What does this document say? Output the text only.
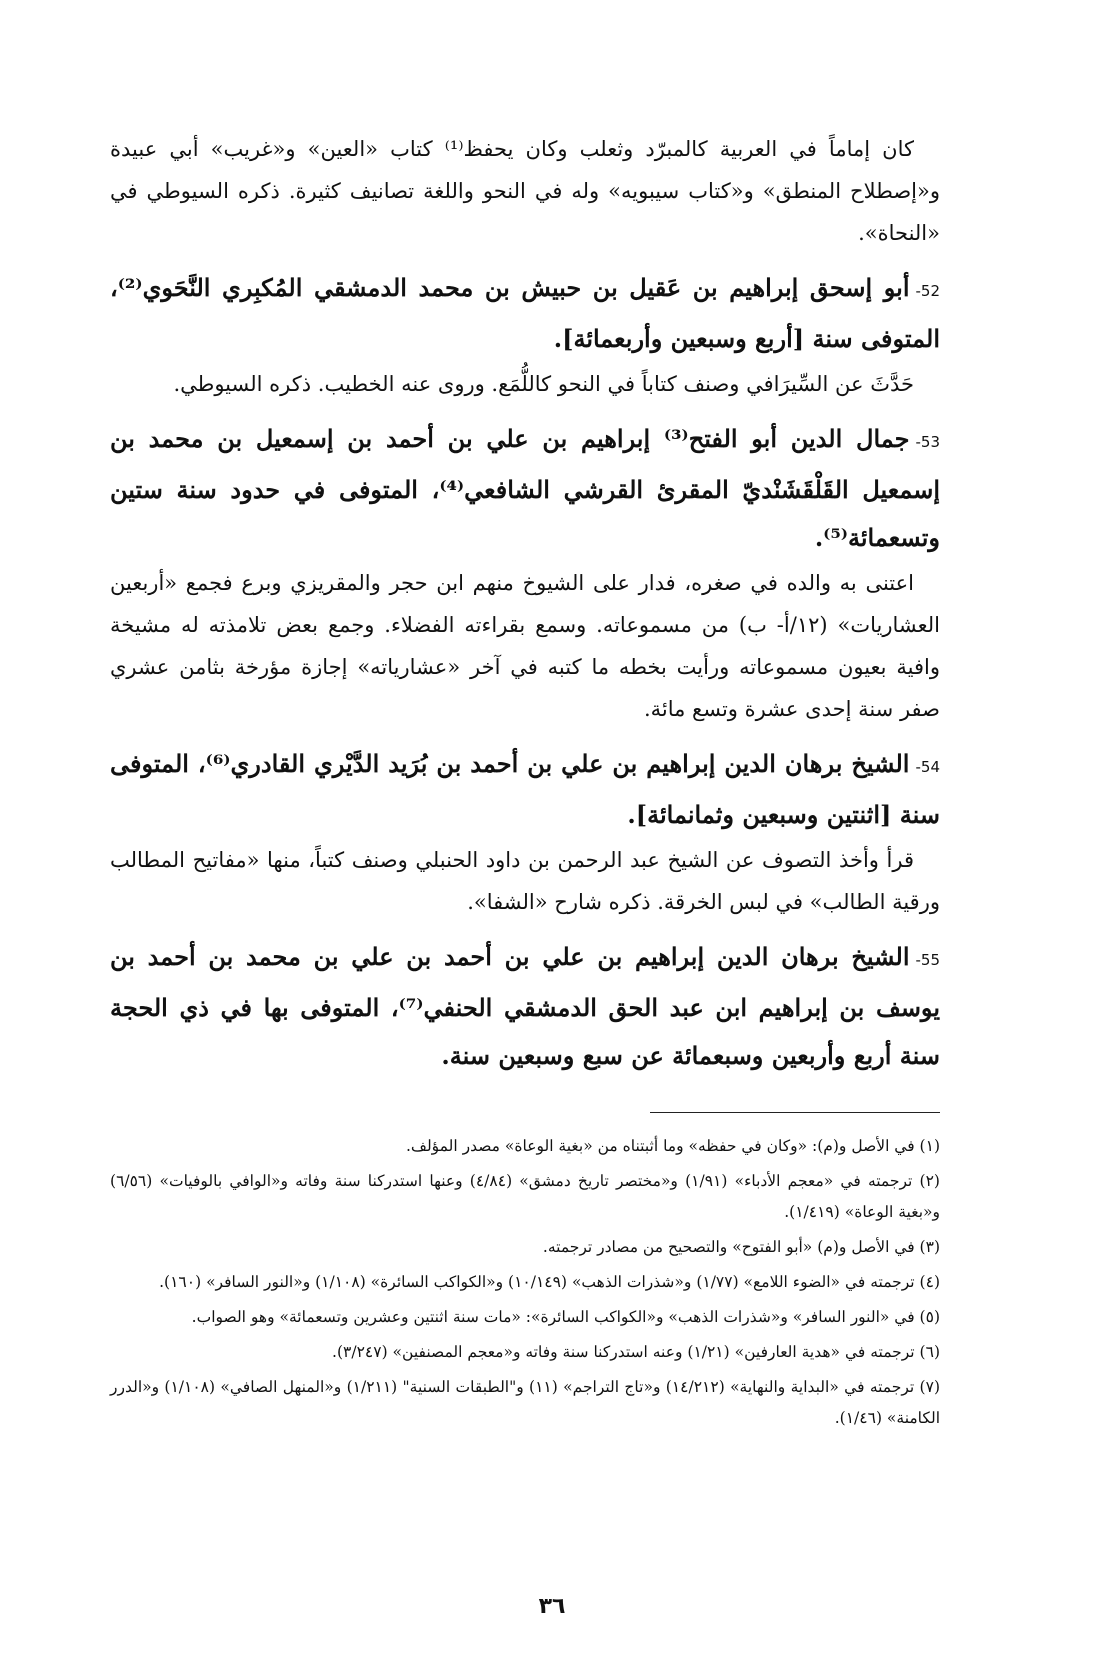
كان إماماً في العربية كالمبرّد وثعلب وكان يحفظ⁽¹⁾ كتاب «العين» و«غريب» أبي عبيدة و«إصطلاح المنطق» و«كتاب سيبويه» وله في النحو واللغة تصانيف كثيرة. ذكره السيوطي في «النحاة».

52-أبو إسحق إبراهيم بن عَقيل بن حبيش بن محمد الدمشقي المُكبِري النَّحَوي⁽²⁾، المتوفى سنة [أربع وسبعين وأربعمائة].

حَدَّثَ عن السِّيرَافي وصنف كتاباً في النحو كاللُّمَع. وروى عنه الخطيب. ذكره السيوطي.

53-جمال الدين أبو الفتح⁽³⁾ إبراهيم بن علي بن أحمد بن إسمعيل بن محمد بن إسمعيل القَلْقَشَنْديّ المقرئ القرشي الشافعي⁽⁴⁾، المتوفى في حدود سنة ستين وتسعمائة⁽⁵⁾.

اعتنى به والده في صغره، فدار على الشيوخ منهم ابن حجر والمقريزي وبرع فجمع «أربعين العشاريات» (١٢/أ- ب) من مسموعاته. وسمع بقراءته الفضلاء. وجمع بعض تلامذته له مشيخة وافية بعيون مسموعاته ورأيت بخطه ما كتبه في آخر «عشارياته» إجازة مؤرخة بثامن عشري صفر سنة إحدى عشرة وتسع مائة.

54-الشيخ برهان الدين إبراهيم بن علي بن أحمد بن بُرَيد الدَّيْري القادري⁽⁶⁾، المتوفى سنة [اثنتين وسبعين وثمانمائة].

قرأ وأخذ التصوف عن الشيخ عبد الرحمن بن داود الحنبلي وصنف كتباً، منها «مفاتيح المطالب ورقية الطالب» في لبس الخرقة. ذكره شارح «الشفا».

55-الشيخ برهان الدين إبراهيم بن علي بن أحمد بن علي بن محمد بن أحمد بن يوسف بن إبراهيم ابن عبد الحق الدمشقي الحنفي⁽⁷⁾، المتوفى بها في ذي الحجة سنة أربع وأربعين وسبعمائة عن سبع وسبعين سنة.

(١) في الأصل و(م): «وكان في حفظه» وما أثبتناه من «بغية الوعاة» مصدر المؤلف.

(٢) ترجمته في «معجم الأدباء» (١/٩١) و«مختصر تاريخ دمشق» (٤/٨٤) وعنها استدركنا سنة وفاته و«الوافي بالوفيات» (٦/٥٦) و«بغية الوعاة» (١/٤١٩).

(٣) في الأصل و(م) «أبو الفتوح» والتصحيح من مصادر ترجمته.

(٤) ترجمته في «الضوء اللامع» (١/٧٧) و«شذرات الذهب» (١٠/١٤٩) و«الكواكب السائرة» (١/١٠٨) و«النور السافر» (١٦٠).

(٥) في «النور السافر» و«شذرات الذهب» و«الكواكب السائرة»: «مات سنة اثنتين وعشرين وتسعمائة» وهو الصواب.

(٦) ترجمته في «هدية العارفين» (١/٢١) وعنه استدركنا سنة وفاته و«معجم المصنفين» (٣/٢٤٧).

(٧) ترجمته في «البداية والنهاية» (١٤/٢١٢) و«تاج التراجم» (١١) و"الطبقات السنية" (١/٢١١) و«المنهل الصافي» (١/١٠٨) و«الدرر الكامنة» (١/٤٦).

٣٦
